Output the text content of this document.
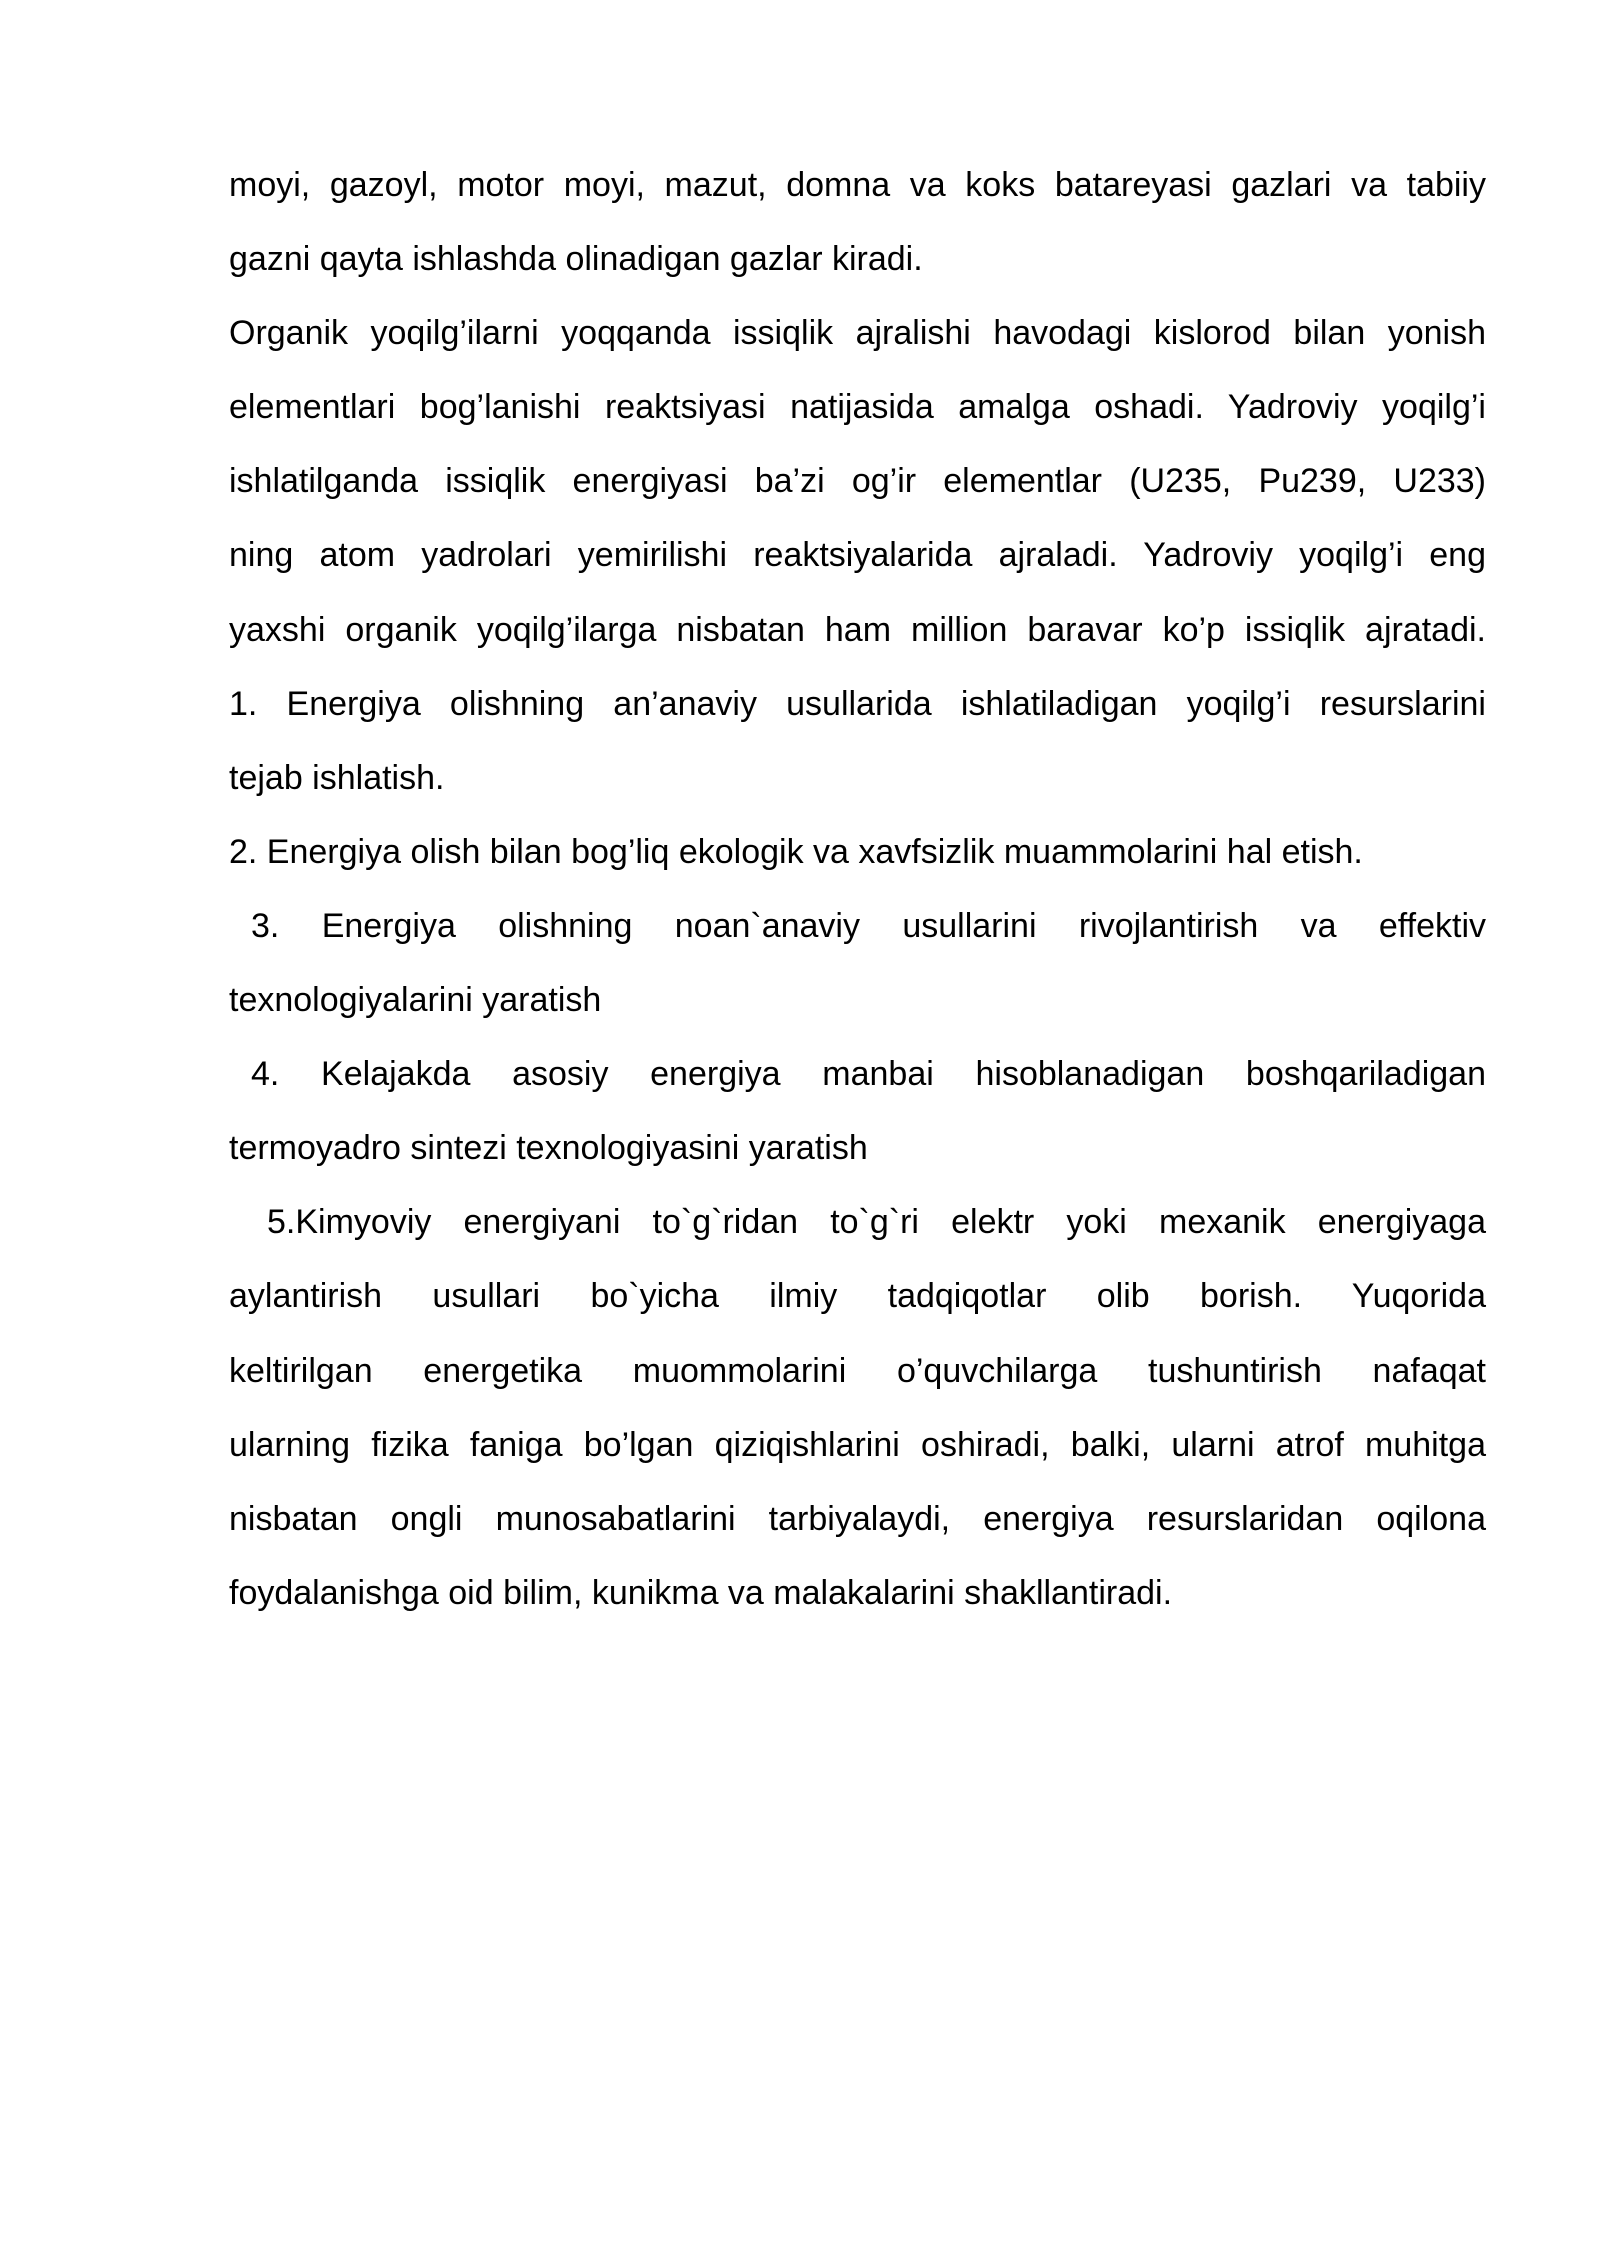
moyi, gazoyl, motor moyi, mazut, domna va koks batareyasi gazlari va tabiiy
gazni qayta ishlashda olinadigan gazlar kiradi.
Organik yoqilg’ilarni yoqqanda issiqlik ajralishi havodagi kislorod bilan yonish
elementlari bog’lanishi reaktsiyasi natijasida amalga oshadi. Yadroviy yoqilg’i
ishlatilganda issiqlik energiyasi ba’zi og’ir elementlar (U235, Pu239, U233)
ning atom yadrolari yemirilishi reaktsiyalarida ajraladi. Yadroviy yoqilg’i eng
yaxshi organik yoqilg’ilarga nisbatan ham million baravar ko’p issiqlik ajratadi.
1. Energiya olishning an’anaviy usullarida ishlatiladigan yoqilg’i resurslarini
tejab ishlatish.
2. Energiya olish bilan bog’liq ekologik va xavfsizlik muammolarini hal etish.
3. Energiya olishning noan`anaviy usullarini rivojlantirish va effektiv
texnologiyalarini yaratish
4. Kelajakda asosiy energiya manbai hisoblanadigan boshqariladigan
termoyadro sintezi texnologiyasini yaratish
5.Kimyoviy energiyani to`g`ridan to`g`ri elektr yoki mexanik energiyaga
aylantirish usullari bo`yicha ilmiy tadqiqotlar olib borish. Yuqorida
keltirilgan energetika muommolarini o’quvchilarga tushuntirish nafaqat
ularning fizika faniga bo’lgan qiziqishlarini oshiradi, balki, ularni atrof muhitga
nisbatan ongli munosabatlarini tarbiyalaydi, energiya resurslaridan oqilona
foydalanishga oid bilim, kunikma va malakalarini shakllantiradi.
